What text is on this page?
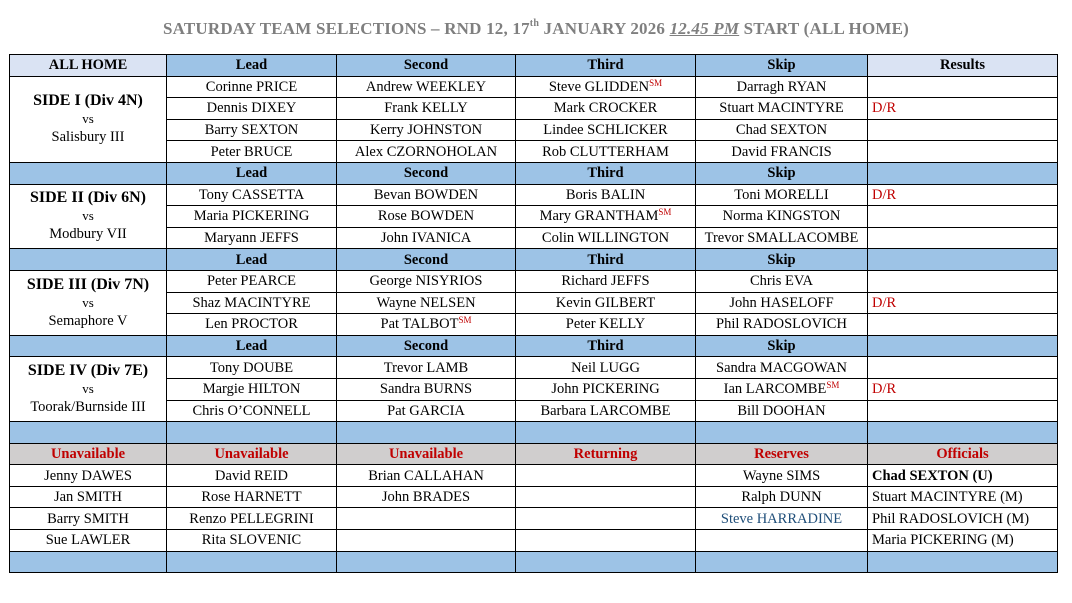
SATURDAY TEAM SELECTIONS – RND 12, 17th JANUARY 2026 12.45 PM START (ALL HOME)
ALL HOME	Lead	Second	Third	Skip	Results

SIDE I (Div 4N)
vs
Salisbury III	Corinne PRICE	Andrew WEEKLEY	Steve GLIDDEN℠	Darragh RYAN	
	Dennis DIXEY	Frank KELLY	Mark CROCKER	Stuart MACINTYRE	D/R
	Barry SEXTON	Kerry JOHNSTON	Lindee SCHLICKER	Chad SEXTON	
	Peter BRUCE	Alex CZORNOHOLAN	Rob CLUTTERHAM	David FRANCIS	
	Lead	Second	Third	Skip	

SIDE II (Div 6N)
vs
Modbury VII	Tony CASSETTA	Bevan BOWDEN	Boris BALIN	Toni MORELLI	D/R
	Maria PICKERING	Rose BOWDEN	Mary GRANTHAM℠	Norma KINGSTON	
	Maryann JEFFS	John IVANICA	Colin WILLINGTON	Trevor SMALLACOMBE	
	Lead	Second	Third	Skip	

SIDE III (Div 7N)
vs
Semaphore V	Peter PEARCE	George NISYRIOS	Richard JEFFS	Chris EVA	
	Shaz MACINTYRE	Wayne NELSEN	Kevin GILBERT	John HASELOFF	D/R
	Len PROCTOR	Pat TALBOT℠	Peter KELLY	Phil RADOSLOVICH	
	Lead	Second	Third	Skip	

SIDE IV (Div 7E)
vs
Toorak/Burnside III	Tony DOUBE	Trevor LAMB	Neil LUGG	Sandra MACGOWAN	
	Margie HILTON	Sandra BURNS	John PICKERING	Ian LARCOMBE℠	D/R
	Chris O’CONNELL	Pat GARCIA	Barbara LARCOMBE	Bill DOOHAN	

Unavailable	Unavailable	Unavailable	Returning	Reserves	Officials
Jenny DAWES	David REID	Brian CALLAHAN		Wayne SIMS	Chad SEXTON (U)
Jan SMITH	Rose HARNETT	John BRADES		Ralph DUNN	Stuart MACINTYRE (M)
Barry SMITH	Renzo PELLEGRINI			Steve HARRADINE	Phil RADOSLOVICH (M)
Sue LAWLER	Rita SLOVENIC				Maria PICKERING (M)
